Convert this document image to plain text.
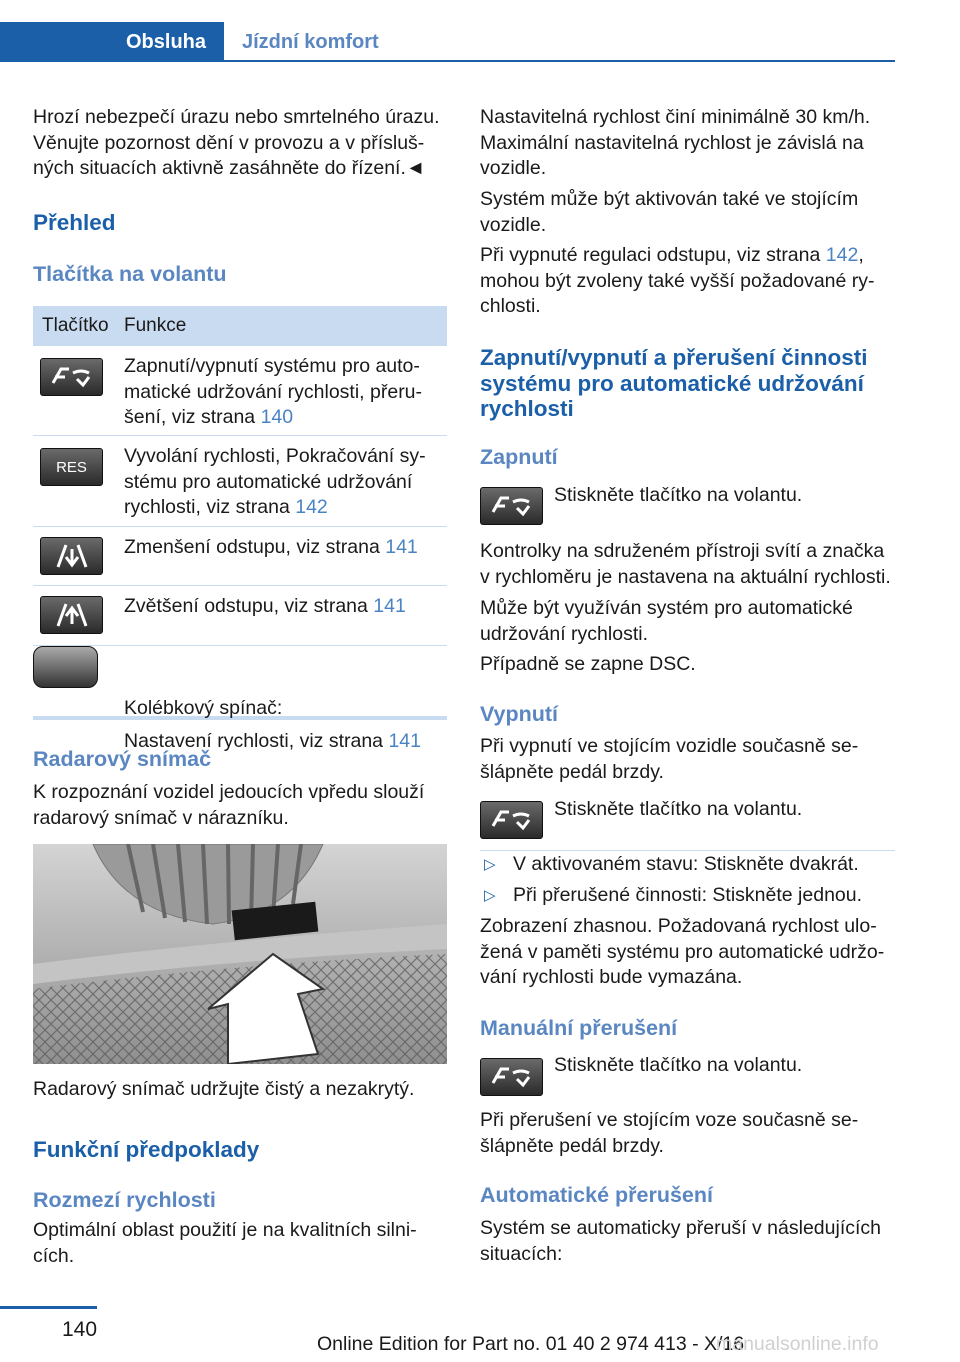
Obsluha Jízdní komfort
Hrozí nebezpečí úrazu nebo smrtelného úrazu.
Věnujte pozornost dění v provozu a v přísluš‐
ných situacích aktivně zasáhněte do řízení.◄
Přehled
Tlačítka na volantu
Tlačítko Funkce
Zapnutí/vypnutí systému pro auto‐
matické udržování rychlosti, přeru‐
šení, viz strana 140
RES Vyvolání rychlosti, Pokračování sy‐
stému pro automatické udržování
rychlosti, viz strana 142
Zmenšení odstupu, viz strana 141
Zvětšení odstupu, viz strana 141
Kolébkový spínač:
Nastavení rychlosti, viz strana 141
Radarový snímač
K rozpoznání vozidel jedoucích vpředu slouží
radarový snímač v nárazníku.
Radarový snímač udržujte čistý a nezakrytý.
Funkční předpoklady
Rozmezí rychlosti
Optimální oblast použití je na kvalitních silni‐
cích.
Nastavitelná rychlost činí minimálně 30 km/h.
Maximální nastavitelná rychlost je závislá na
vozidle.
Systém může být aktivován také ve stojícím
vozidle.
Při vypnuté regulaci odstupu, viz strana 142,
mohou být zvoleny také vyšší požadované ry‐
chlosti.
Zapnutí/vypnutí a přerušení činnosti
systému pro automatické udržování
rychlosti
Zapnutí
Stiskněte tlačítko na volantu.
Kontrolky na sdruženém přístroji svítí a značka
v rychloměru je nastavena na aktuální rychlosti.
Může být využíván systém pro automatické
udržování rychlosti.
Případně se zapne DSC.
Vypnutí
Při vypnutí ve stojícím vozidle současně se‐
šlápněte pedál brzdy.
Stiskněte tlačítko na volantu.
▷ V aktivovaném stavu: Stiskněte dvakrát.
▷ Při přerušené činnosti: Stiskněte jednou.
Zobrazení zhasnou. Požadovaná rychlost ulo‐
žená v paměti systému pro automatické udržo‐
vání rychlosti bude vymazána.
Manuální přerušení
Stiskněte tlačítko na volantu.
Při přerušení ve stojícím voze současně se‐
šlápněte pedál brzdy.
Automatické přerušení
Systém se automaticky přeruší v následujících
situacích:
140
Online Edition for Part no. 01 40 2 974 413 - X/16
manualsonline.info
